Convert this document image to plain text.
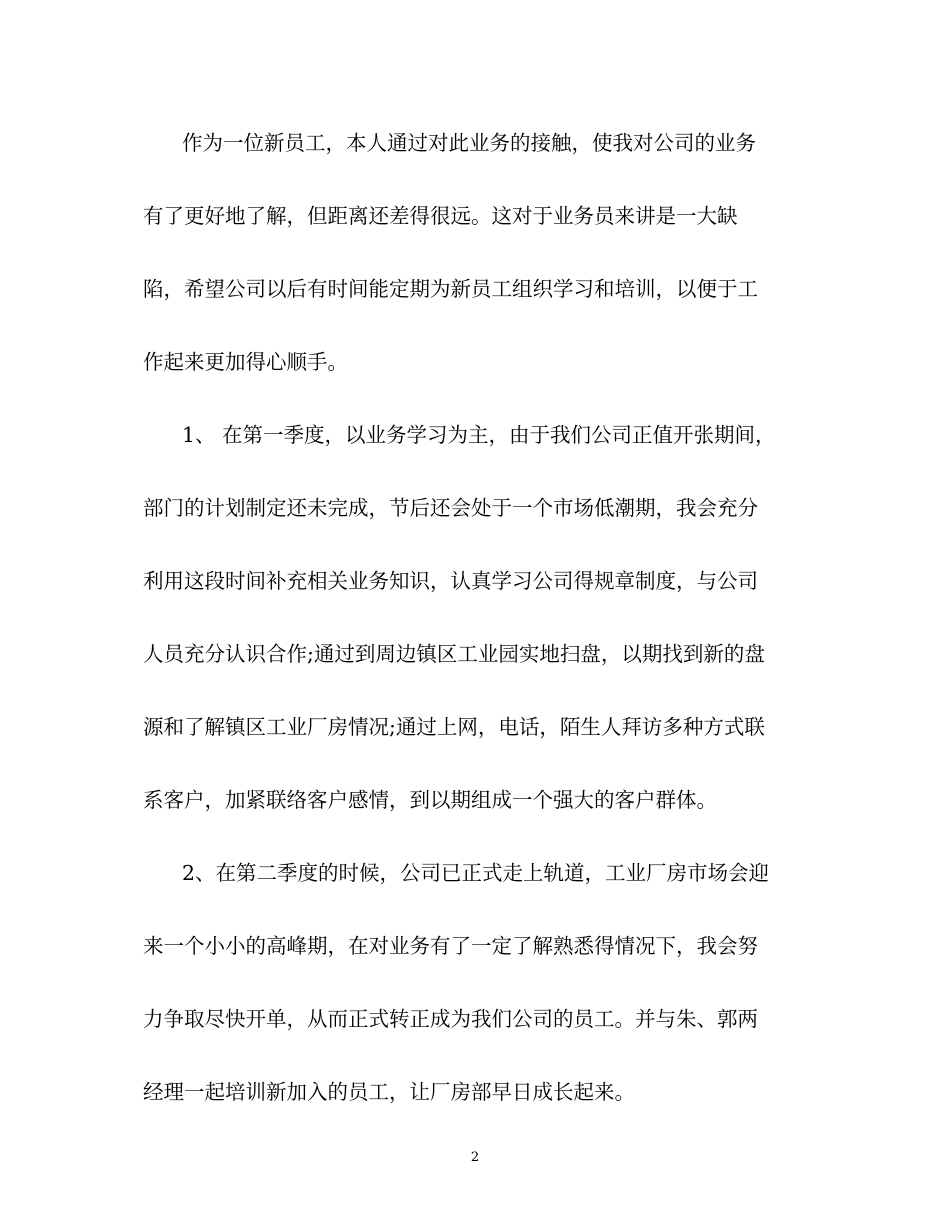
作为一位新员工，本人通过对此业务的接触，使我对公司的业务
有了更好地了解，但距离还差得很远。这对于业务员来讲是一大缺
陷，希望公司以后有时间能定期为新员工组织学习和培训，以便于工
作起来更加得心顺手。
1、 在第一季度，以业务学习为主，由于我们公司正值开张期间，
部门的计划制定还未完成，节后还会处于一个市场低潮期，我会充分
利用这段时间补充相关业务知识，认真学习公司得规章制度，与公司
人员充分认识合作;通过到周边镇区工业园实地扫盘，以期找到新的盘
源和了解镇区工业厂房情况;通过上网，电话，陌生人拜访多种方式联
系客户，加紧联络客户感情，到以期组成一个强大的客户群体。
2、在第二季度的时候，公司已正式走上轨道，工业厂房市场会迎
来一个小小的高峰期，在对业务有了一定了解熟悉得情况下，我会努
力争取尽快开单，从而正式转正成为我们公司的员工。并与朱、郭两
经理一起培训新加入的员工，让厂房部早日成长起来。
2
